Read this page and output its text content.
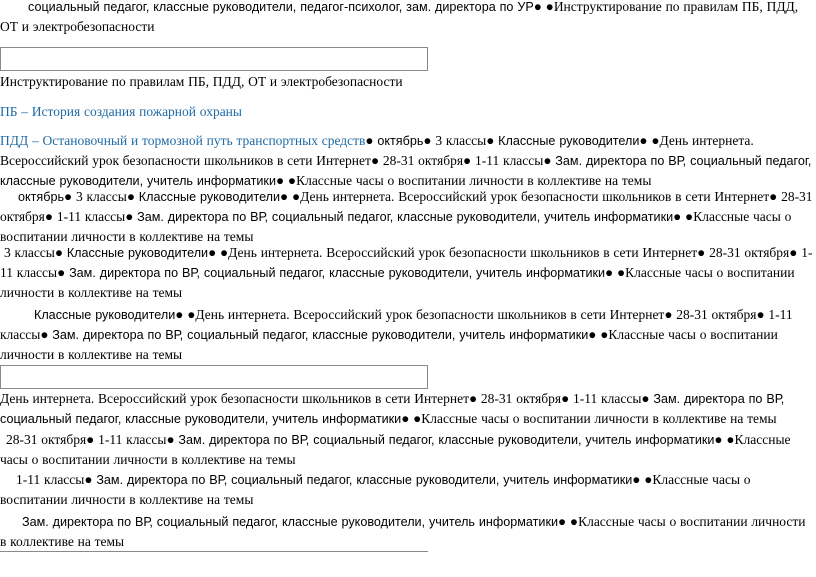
социальный педагог, классные руководители, педагог-психолог, зам. директора по УР● ●Инструктирование по правилам ПБ, ПДД, ОТ и электробезопасности
Инструктирование по правилам ПБ, ПДД, ОТ и электробезопасности
ПБ – История создания пожарной охраны
ПДД – Остановочный и тормозной путь транспортных средств● октябрь● 3 классы● Классные руководители● ●День интернета. Всероссийский урок безопасности школьников в сети Интернет● 28-31 октября● 1-11 классы● Зам. директора по ВР, социальный педагог, классные руководители, учитель информатики● ●Классные часы о воспитании личности в коллективе на темы
октябрь● 3 классы● Классные руководители● ●День интернета. Всероссийский урок безопасности школьников в сети Интернет● 28-31 октября● 1-11 классы● Зам. директора по ВР, социальный педагог, классные руководители, учитель информатики● ●Классные часы о воспитании личности в коллективе на темы
3 классы● Классные руководители● ●День интернета. Всероссийский урок безопасности школьников в сети Интернет● 28-31 октября● 1-11 классы● Зам. директора по ВР, социальный педагог, классные руководители, учитель информатики● ●Классные часы о воспитании личности в коллективе на темы
Классные руководители● ●День интернета. Всероссийский урок безопасности школьников в сети Интернет● 28-31 октября● 1-11 классы● Зам. директора по ВР, социальный педагог, классные руководители, учитель информатики● ●Классные часы о воспитании личности в коллективе на темы
День интернета. Всероссийский урок безопасности школьников в сети Интернет● 28-31 октября● 1-11 классы● Зам. директора по ВР, социальный педагог, классные руководители, учитель информатики● ●Классные часы о воспитании личности в коллективе на темы
28-31 октября● 1-11 классы● Зам. директора по ВР, социальный педагог, классные руководители, учитель информатики● ●Классные часы о воспитании личности в коллективе на темы
1-11 классы● Зам. директора по ВР, социальный педагог, классные руководители, учитель информатики● ●Классные часы о воспитании личности в коллективе на темы
Зам. директора по ВР, социальный педагог, классные руководители, учитель информатики● ●Классные часы о воспитании личности в коллективе на темы
